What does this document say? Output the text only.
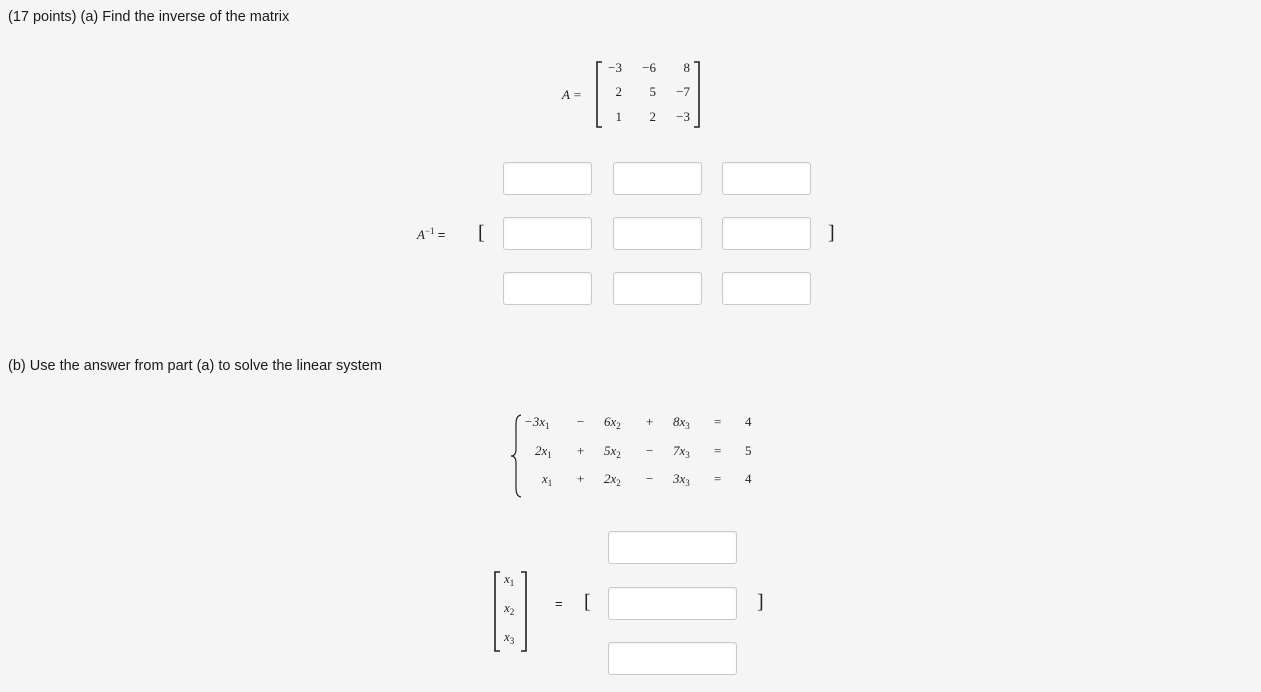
(17 points) (a) Find the inverse of the matrix
A =
−3	−6	8
2	5	−7
1	2	−3
$A^{-1}$ = [	]
(b) Use the answer from part (a) to solve the linear system
$-3x_1 - 6x_2 + 8x_3 = 4$
$2x_1 + 5x_2 - 7x_3 = 5$
$x_1 + 2x_2 - 3x_3 = 4$
$x_1$
$x_2$
$x_3$
= [	]
